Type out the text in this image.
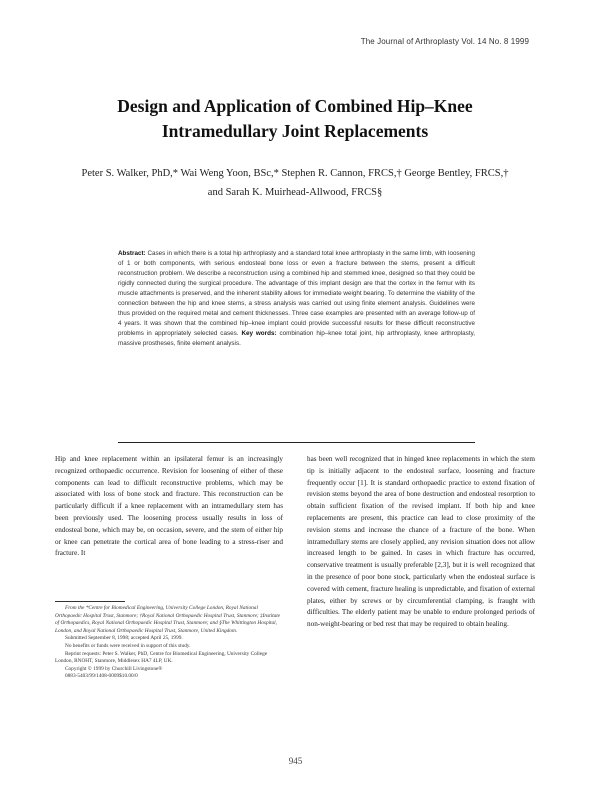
The Journal of Arthroplasty Vol. 14 No. 8 1999
Design and Application of Combined Hip–Knee Intramedullary Joint Replacements
Peter S. Walker, PhD,* Wai Weng Yoon, BSc,* Stephen R. Cannon, FRCS,† George Bentley, FRCS,† and Sarah K. Muirhead-Allwood, FRCS§
Abstract: Cases in which there is a total hip arthroplasty and a standard total knee arthroplasty in the same limb, with loosening of 1 or both components, with serious endosteal bone loss or even a fracture between the stems, present a difficult reconstruction problem. We describe a reconstruction using a combined hip and stemmed knee, designed so that they could be rigidly connected during the surgical procedure. The advantage of this implant design are that the cortex in the femur with its muscle attachments is preserved, and the inherent stability allows for immediate weight bearing. To determine the viability of the connection between the hip and knee stems, a stress analysis was carried out using finite element analysis. Guidelines were thus provided on the required metal and cement thicknesses. Three case examples are presented with an average follow-up of 4 years. It was shown that the combined hip–knee implant could provide successful results for these difficult reconstructive problems in appropriately selected cases. Key words: combination hip–knee total joint, hip arthroplasty, knee arthroplasty, massive prostheses, finite element analysis.

Hip and knee replacement within an ipsilateral femur is an increasingly recognized orthopaedic occurrence. Revision for loosening of either of these components can lead to difficult reconstructive problems, which may be associated with loss of bone stock and fracture. This reconstruction can be particularly difficult if a knee replacement with an intramedullary stem has been previously used. The loosening process usually results in loss of endosteal bone, which may be, on occasion, severe, and the stem of either hip or knee can penetrate the cortical area of bone leading to a stress-riser and fracture. It

has been well recognized that in hinged knee replacements in which the stem tip is initially adjacent to the endosteal surface, loosening and fracture frequently occur [1]. It is standard orthopaedic practice to extend fixation of revision stems beyond the area of bone destruction and endosteal resorption to obtain sufficient fixation of the revised implant. If both hip and knee replacements are present, this practice can lead to close proximity of the revision stems and increase the chance of a fracture of the bone. When intramedullary stems are closely applied, any revision situation does not allow increased length to be gained. In cases in which fracture has occurred, conservative treatment is usually preferable [2,3], but it is well recognized that in the presence of poor bone stock, particularly when the endosteal surface is covered with cement, fracture healing is unpredictable, and fixation of external plates, either by screws or by circumferential clamping, is fraught with difficulties. The elderly patient may be unable to endure prolonged periods of non-weight-bearing or bed rest that may be required to obtain healing.

From the *Centre for Biomedical Engineering, University College London, Royal National Orthopaedic Hospital Trust, Stanmore; †Royal National Orthopaedic Hospital Trust, Stanmore; ‡Institute of Orthopaedics, Royal National Orthopaedic Hospital Trust, Stanmore; and §The Whittington Hospital, London, and Royal National Orthopaedic Hospital Trust, Stanmore, United Kingdom.

Submitted September 8, 1998; accepted April 25, 1999.

No benefits or funds were received in support of this study.

Reprint requests: Peter S. Walker, PhD, Centre for Biomedical Engineering, University College London, RNOHT, Stanmore, Middlesex HA7 4LP, UK.

Copyright © 1999 by Churchill Livingstone®

0883-5403/99/1408-0009$10.00/0

945
